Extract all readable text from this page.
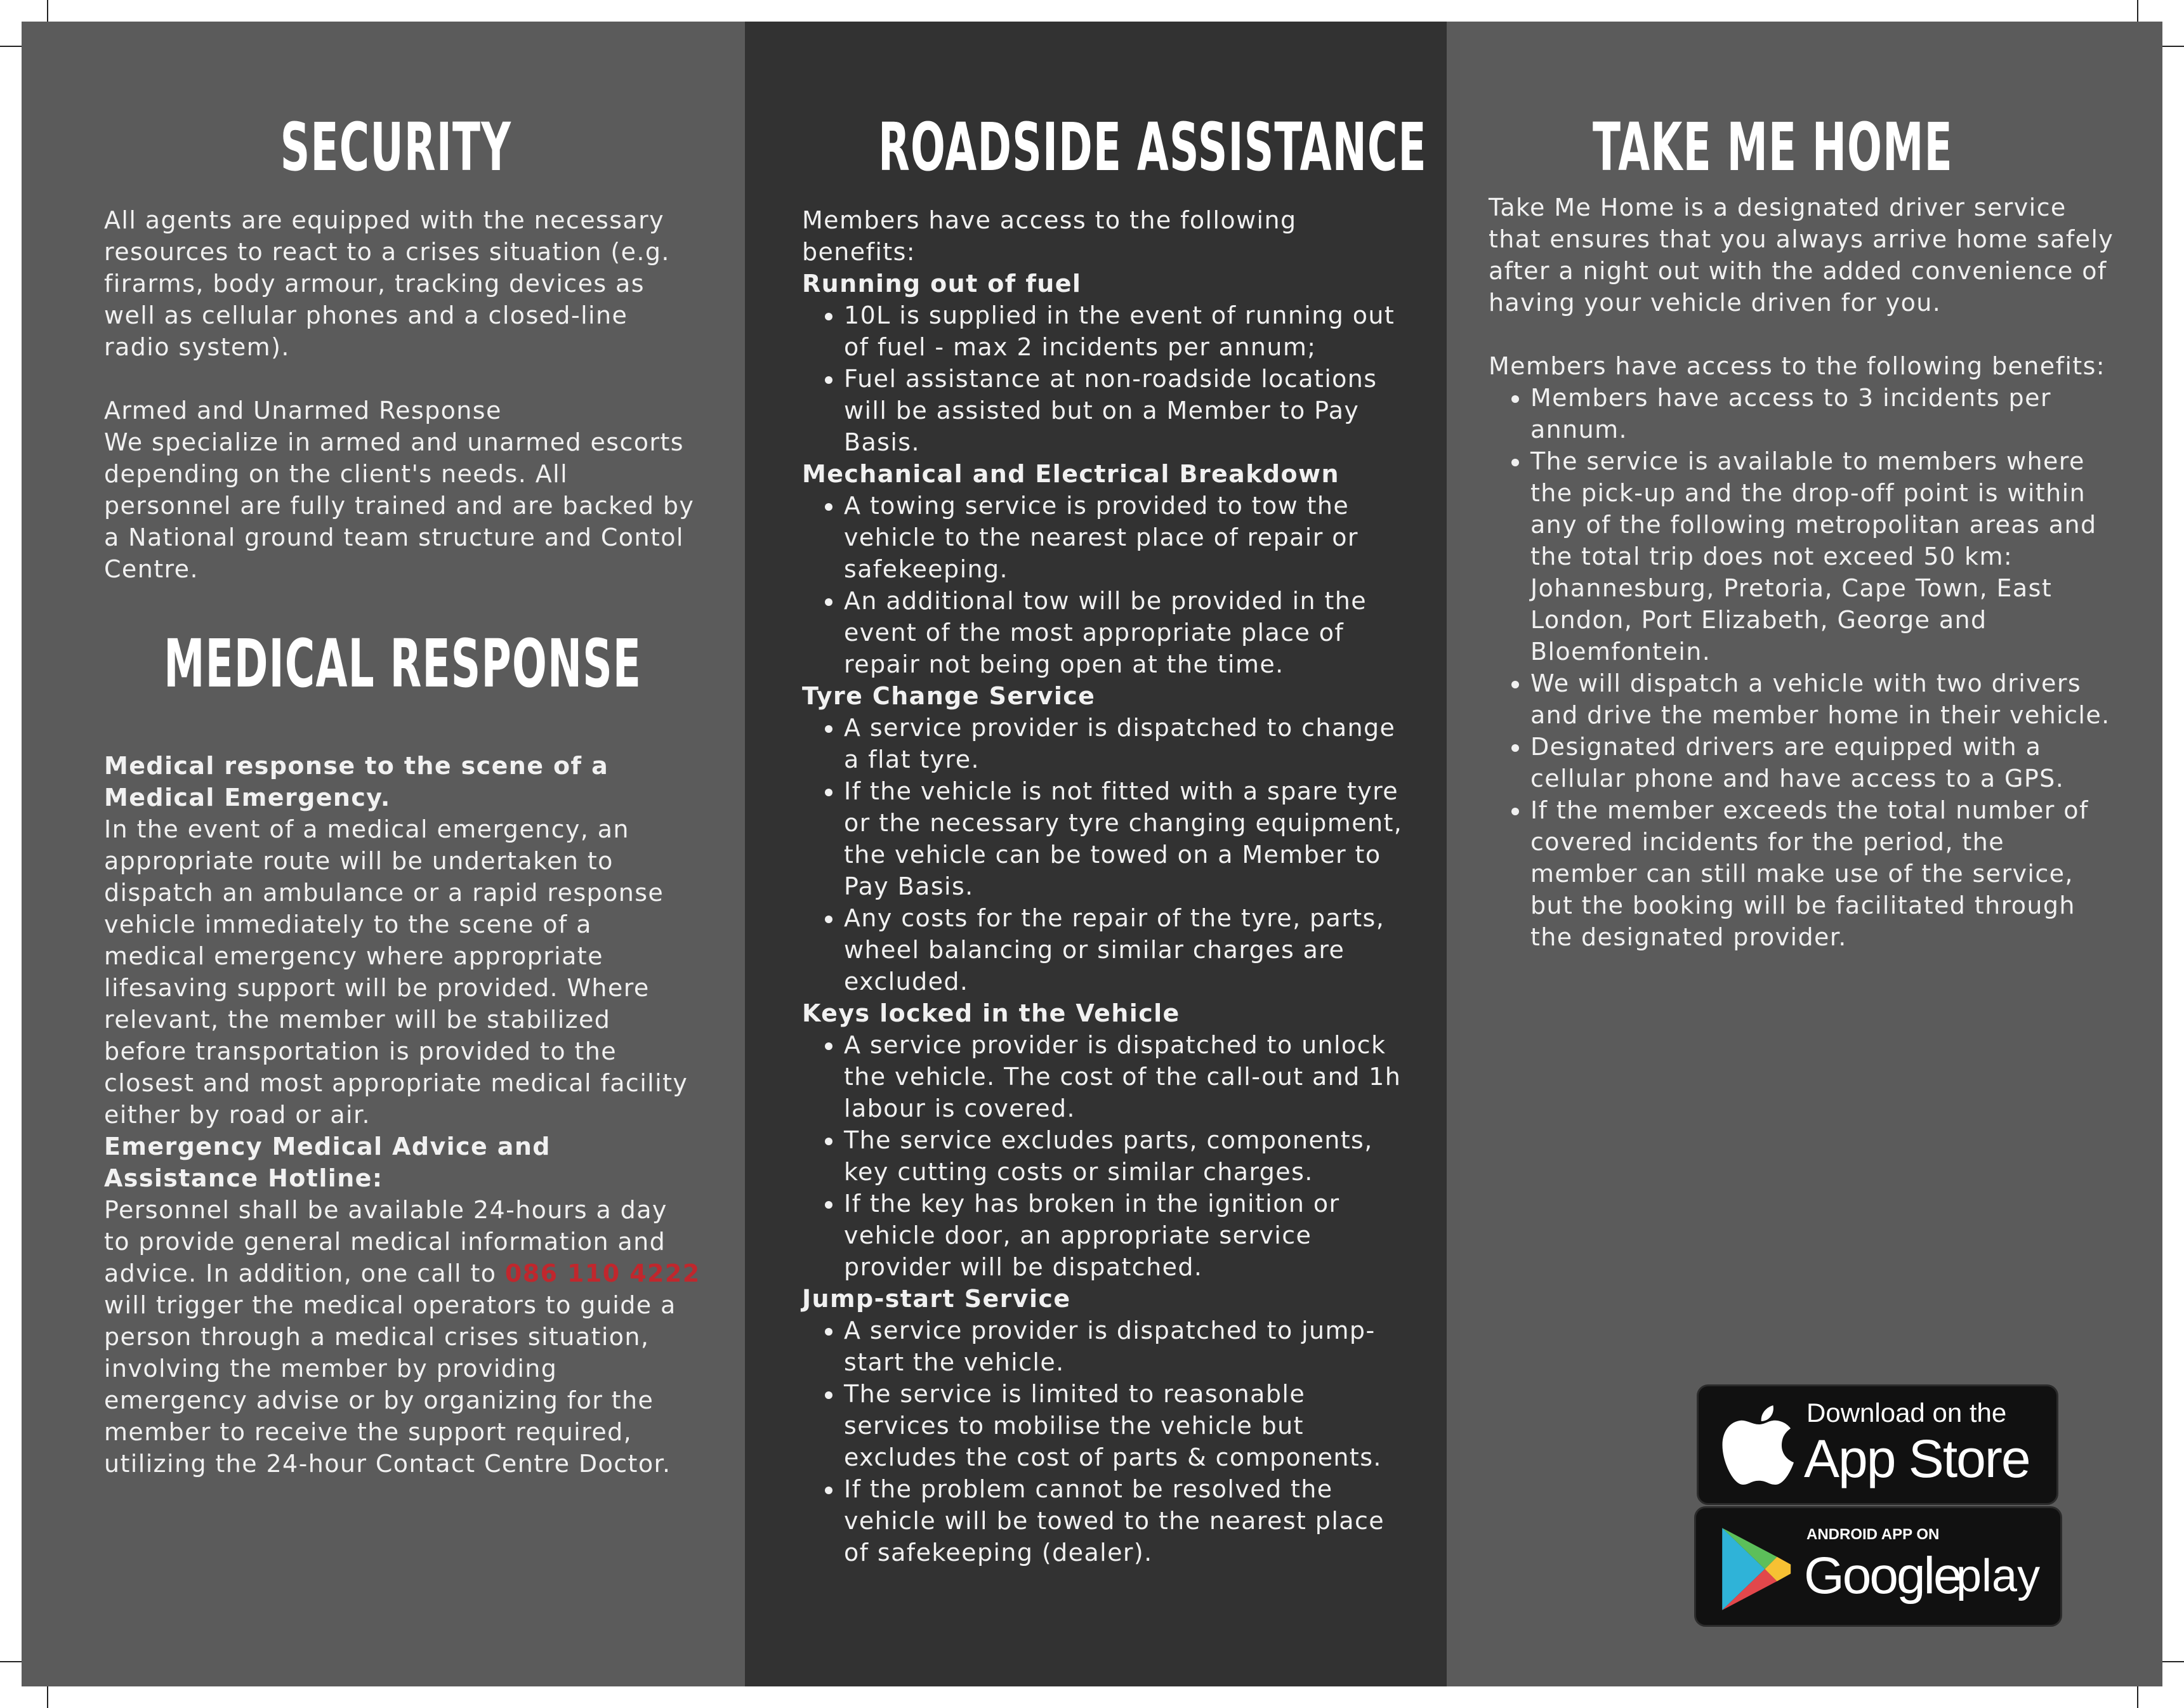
SECURITY

All agents are equipped with the necessary resources to react to a crises situation (e.g. firarms, body armour, tracking devices as well as cellular phones and a closed-line radio system).

Armed and Unarmed Response

We specialize in armed and unarmed escorts depending on the client's needs. All personnel are fully trained and are backed by a National ground team structure and Contol Centre.

MEDICAL RESPONSE

Medical response to the scene of a Medical Emergency.

In the event of a medical emergency, an appropriate route will be undertaken to dispatch an ambulance or a rapid response vehicle immediately to the scene of a medical emergency where appropriate lifesaving support will be provided. Where relevant, the member will be stabilized before transportation is provided to the closest and most appropriate medical facility either by road or air.

Emergency Medical Advice and Assistance Hotline:

Personnel shall be available 24-hours a day to provide general medical information and advice. In addition, one call to 086 110 4222 will trigger the medical operators to guide a person through a medical crises situation, involving the member by providing emergency advise or by organizing for the member to receive the support required, utilizing the 24-hour Contact Centre Doctor.

ROADSIDE ASSISTANCE

Members have access to the following benefits:

Running out of fuel

• 10L is supplied in the event of running out of fuel - max 2 incidents per annum;
• Fuel assistance at non-roadside locations will be assisted but on a Member to Pay Basis.

Mechanical and Electrical Breakdown

• A towing service is provided to tow the vehicle to the nearest place of repair or safekeeping.
• An additional tow will be provided in the event of the most appropriate place of repair not being open at the time.

Tyre Change Service

• A service provider is dispatched to change a flat tyre.
• If the vehicle is not fitted with a spare tyre or the necessary tyre changing equipment, the vehicle can be towed on a Member to Pay Basis.
• Any costs for the repair of the tyre, parts, wheel balancing or similar charges are excluded.

Keys locked in the Vehicle

• A service provider is dispatched to unlock the vehicle. The cost of the call-out and 1h labour is covered.
• The service excludes parts, components, key cutting costs or similar charges.
• If the key has broken in the ignition or vehicle door, an appropriate service provider will be dispatched.

Jump-start Service

• A service provider is dispatched to jump-start the vehicle.
• The service is limited to reasonable services to mobilise the vehicle but excludes the cost of parts & components.
• If the problem cannot be resolved the vehicle will be towed to the nearest place of safekeeping (dealer).
TAKE ME HOME

Take Me Home is a designated driver service that ensures that you always arrive home safely after a night out with the added convenience of having your vehicle driven for you.

Members have access to the following benefits:

• Members have access to 3 incidents per annum.
• The service is available to members where the pick-up and the drop-off point is within any of the following metropolitan areas and the total trip does not exceed 50 km: Johannesburg, Pretoria, Cape Town, East London, Port Elizabeth, George and Bloemfontein.
• We will dispatch a vehicle with two drivers and drive the member home in their vehicle.
• Designated drivers are equipped with a cellular phone and have access to a GPS.
• If the member exceeds the total number of covered incidents for the period, the member can still make use of the service, but the booking will be facilitated through the designated provider.
Download on the
App Store
ANDROID APP ON
Google
play
